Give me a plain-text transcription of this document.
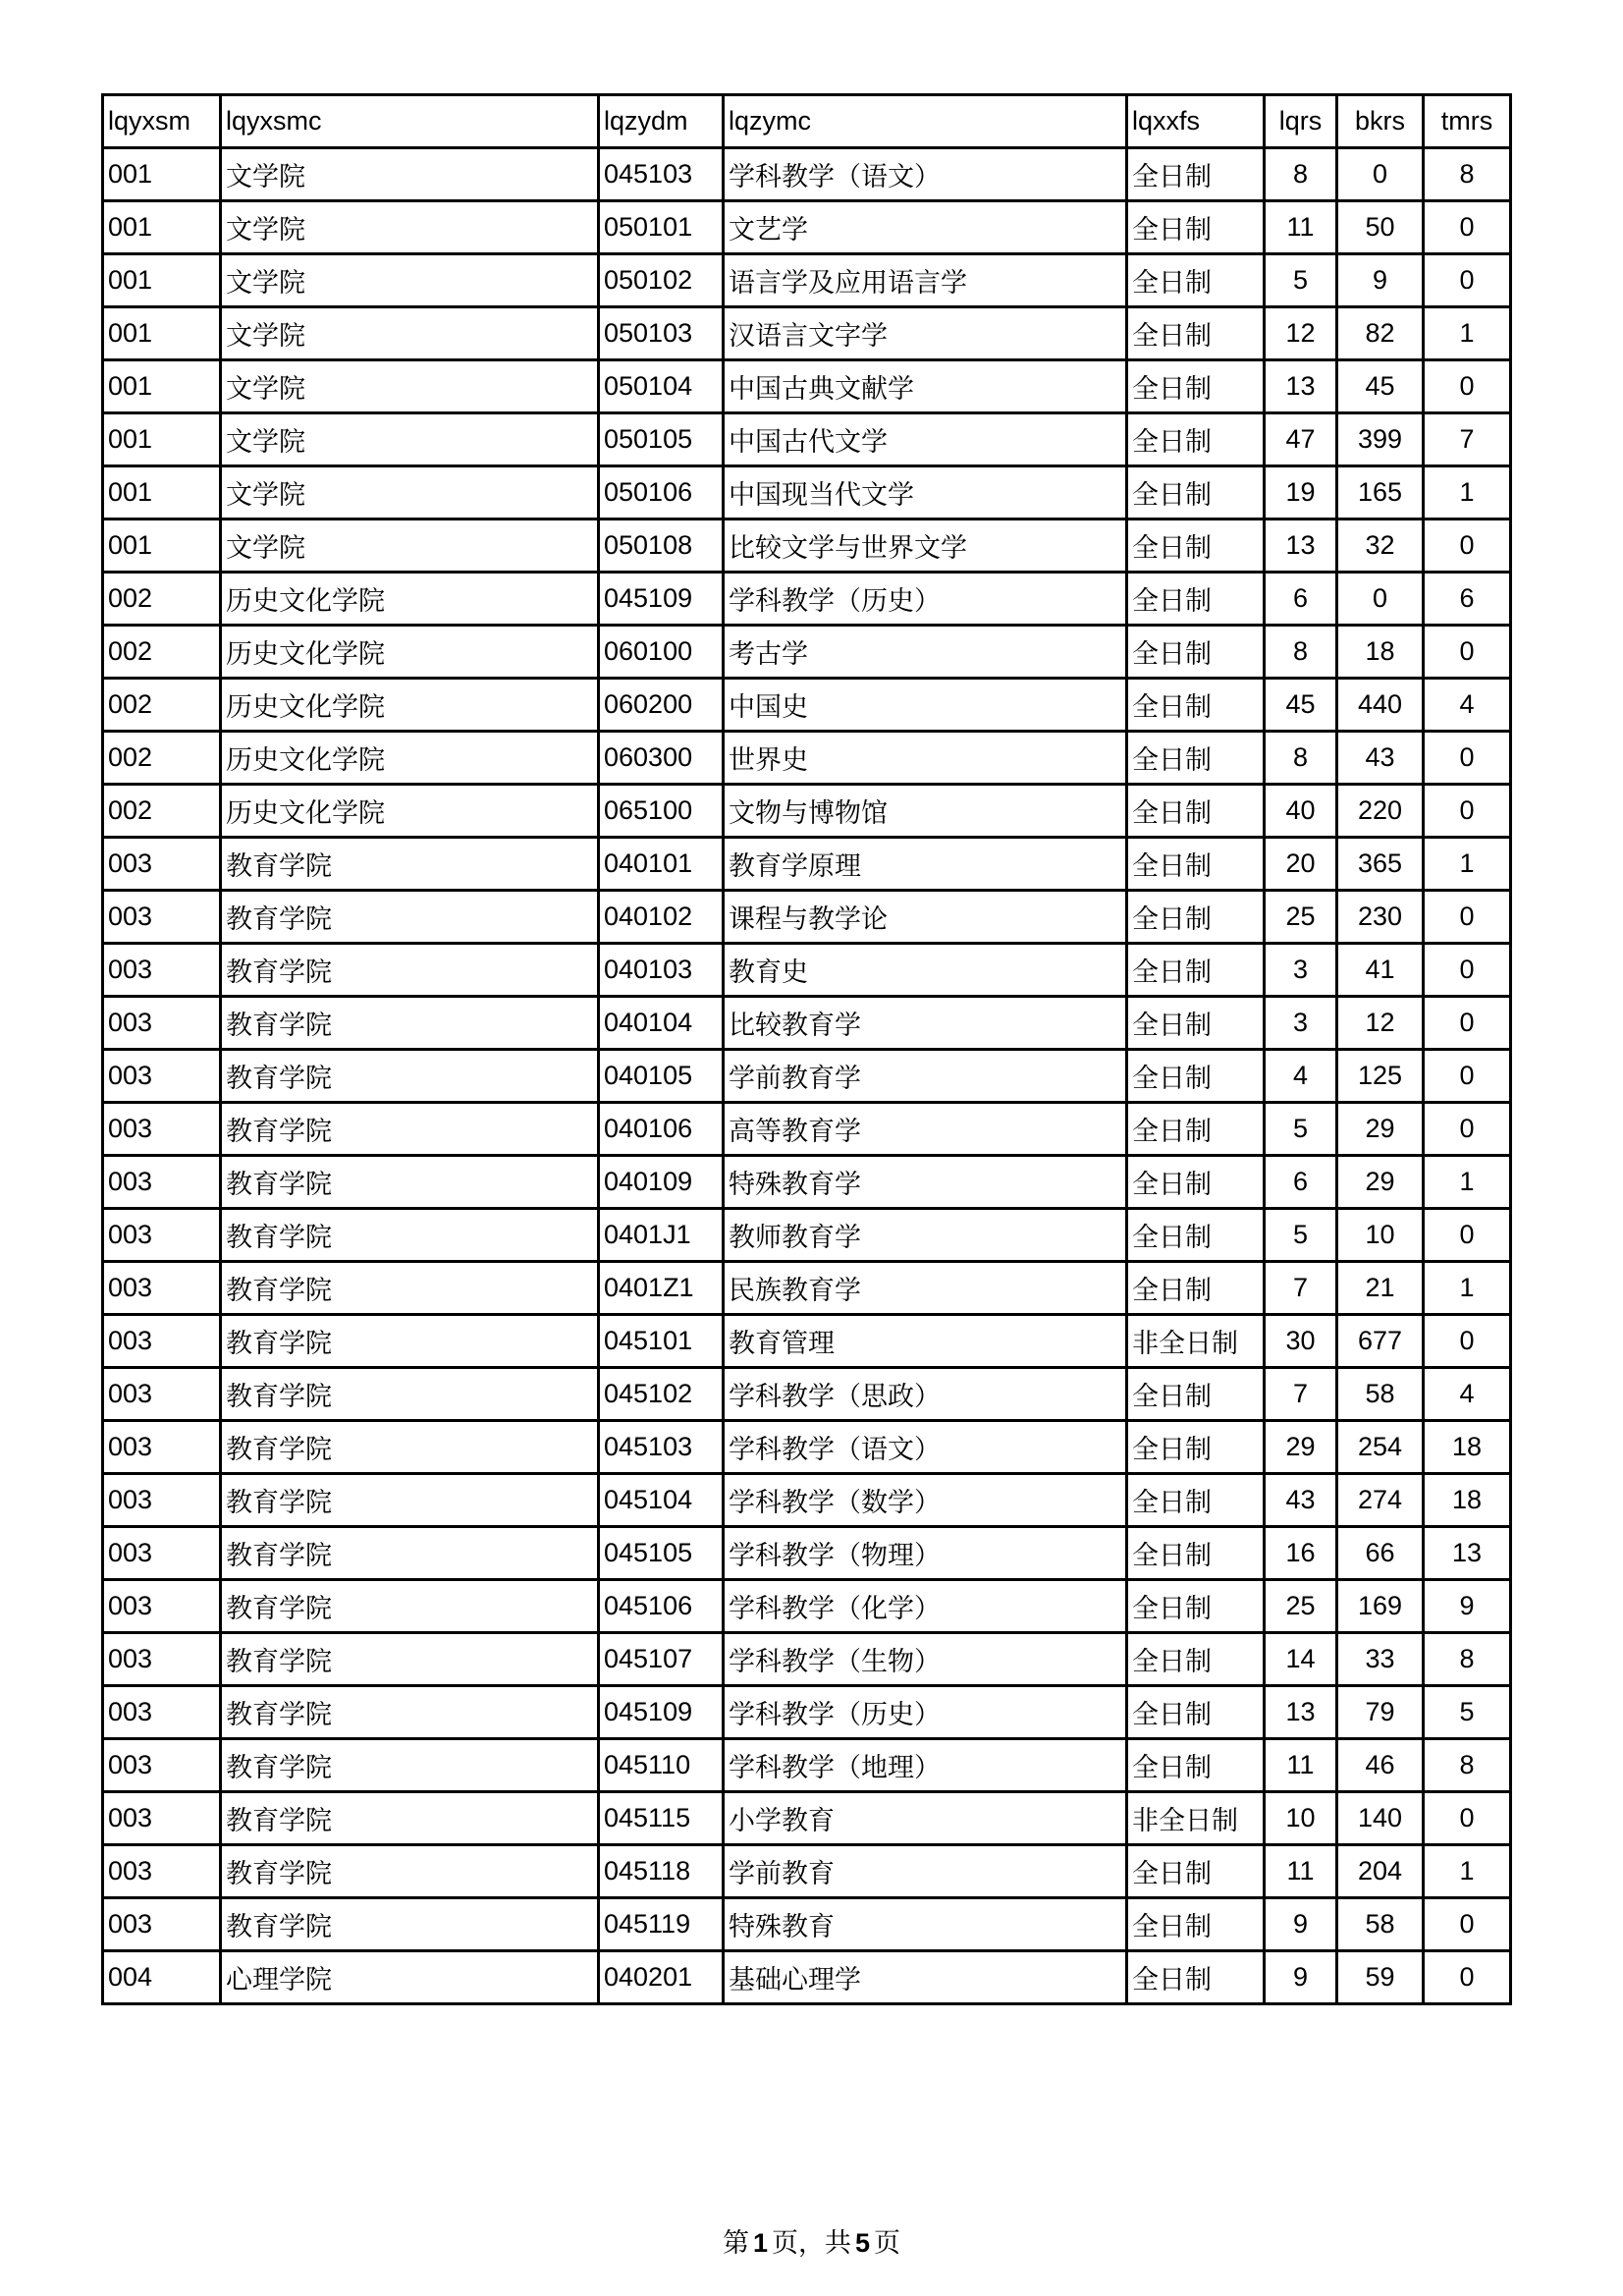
lqyxsm	lqyxsmc	lqzydm	lqzymc	lqxxfs	lqrs	bkrs	tmrs
001	文学院	045103	学科教学（语文）	全日制	8	0	8
001	文学院	050101	文艺学	全日制	11	50	0
001	文学院	050102	语言学及应用语言学	全日制	5	9	0
001	文学院	050103	汉语言文字学	全日制	12	82	1
001	文学院	050104	中国古典文献学	全日制	13	45	0
001	文学院	050105	中国古代文学	全日制	47	399	7
001	文学院	050106	中国现当代文学	全日制	19	165	1
001	文学院	050108	比较文学与世界文学	全日制	13	32	0
002	历史文化学院	045109	学科教学（历史）	全日制	6	0	6
002	历史文化学院	060100	考古学	全日制	8	18	0
002	历史文化学院	060200	中国史	全日制	45	440	4
002	历史文化学院	060300	世界史	全日制	8	43	0
002	历史文化学院	065100	文物与博物馆	全日制	40	220	0
003	教育学院	040101	教育学原理	全日制	20	365	1
003	教育学院	040102	课程与教学论	全日制	25	230	0
003	教育学院	040103	教育史	全日制	3	41	0
003	教育学院	040104	比较教育学	全日制	3	12	0
003	教育学院	040105	学前教育学	全日制	4	125	0
003	教育学院	040106	高等教育学	全日制	5	29	0
003	教育学院	040109	特殊教育学	全日制	6	29	1
003	教育学院	0401J1	教师教育学	全日制	5	10	0
003	教育学院	0401Z1	民族教育学	全日制	7	21	1
003	教育学院	045101	教育管理	非全日制	30	677	0
003	教育学院	045102	学科教学（思政）	全日制	7	58	4
003	教育学院	045103	学科教学（语文）	全日制	29	254	18
003	教育学院	045104	学科教学（数学）	全日制	43	274	18
003	教育学院	045105	学科教学（物理）	全日制	16	66	13
003	教育学院	045106	学科教学（化学）	全日制	25	169	9
003	教育学院	045107	学科教学（生物）	全日制	14	33	8
003	教育学院	045109	学科教学（历史）	全日制	13	79	5
003	教育学院	045110	学科教学（地理）	全日制	11	46	8
003	教育学院	045115	小学教育	非全日制	10	140	0
003	教育学院	045118	学前教育	全日制	11	204	1
003	教育学院	045119	特殊教育	全日制	9	58	0
004	心理学院	040201	基础心理学	全日制	9	59	0
第 1 页，共 5 页
